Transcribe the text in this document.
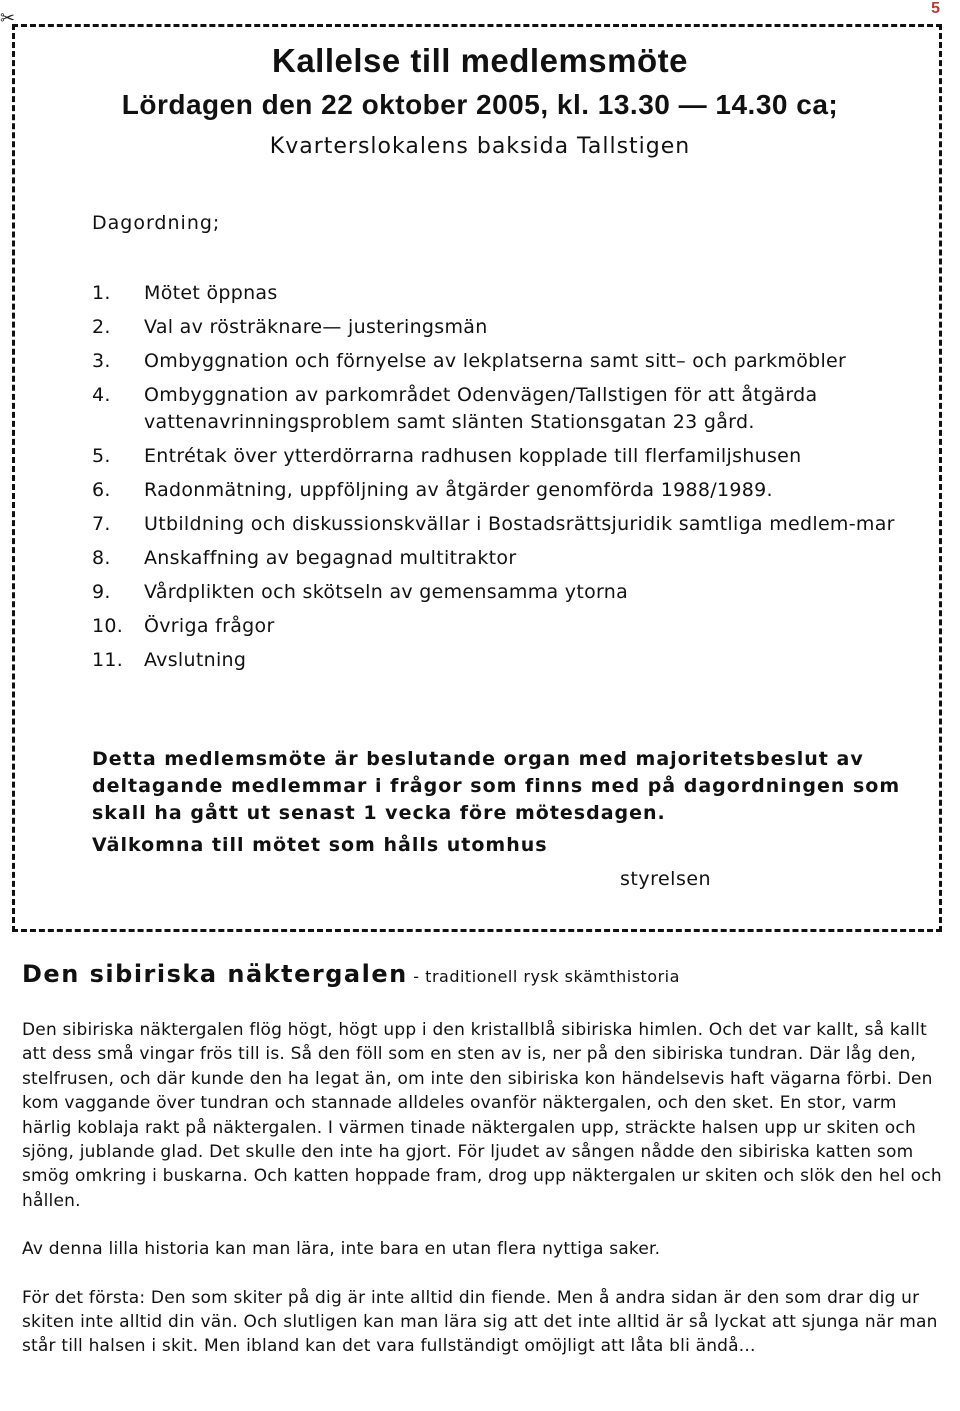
5
✂
Kallelse till medlemsmöte
Lördagen den 22 oktober 2005, kl. 13.30 — 14.30 ca;
Kvarterslokalens baksida Tallstigen
Dagordning;
1. Mötet öppnas
2. Val av rösträknare— justeringsmän
3. Ombyggnation och förnyelse av lekplatserna samt sitt– och parkmöbler
4. Ombyggnation av parkområdet Odenvägen/Tallstigen för att åtgärda vattenavrinningsproblem samt slänten Stationsgatan 23 gård.
5. Entrétak över ytterdörrarna radhusen kopplade till flerfamiljshusen
6. Radonmätning, uppföljning av åtgärder genomförda 1988/1989.
7. Utbildning och diskussionskvällar i Bostadsrättsjuridik samtliga medlem-mar
8. Anskaffning av begagnad multitraktor
9. Vårdplikten och skötseln av gemensamma ytorna
10. Övriga frågor
11. Avslutning
Detta medlemsmöte är beslutande organ med majoritetsbeslut av deltagande medlemmar i frågor som finns med på dagordningen som skall ha gått ut senast 1 vecka före mötesdagen.
Välkomna till mötet som hålls utomhus
styrelsen
Den sibiriska näktergalen - traditionell rysk skämthistoria

Den sibiriska näktergalen flög högt, högt upp i den kristallblå sibiriska himlen. Och det var kallt, så kallt att dess små vingar frös till is. Så den föll som en sten av is, ner på den sibiriska tundran. Där låg den, stelfrusen, och där kunde den ha legat än, om inte den sibiriska kon händelsevis haft vägarna förbi. Den kom vaggande över tundran och stannade alldeles ovanför näktergalen, och den sket. En stor, varm härlig koblaja rakt på näktergalen. I värmen tinade näktergalen upp, sträckte halsen upp ur skiten och sjöng, jublande glad. Det skulle den inte ha gjort. För ljudet av sången nådde den sibiriska katten som smög omkring i buskarna. Och katten hoppade fram, drog upp näktergalen ur skiten och slök den hel och hållen.

Av denna lilla historia kan man lära, inte bara en utan flera nyttiga saker.

För det första: Den som skiter på dig är inte alltid din fiende. Men å andra sidan är den som drar dig ur skiten inte alltid din vän. Och slutligen kan man lära sig att det inte alltid är så lyckat att sjunga när man står till halsen i skit. Men ibland kan det vara fullständigt omöjligt att låta bli ändå...
